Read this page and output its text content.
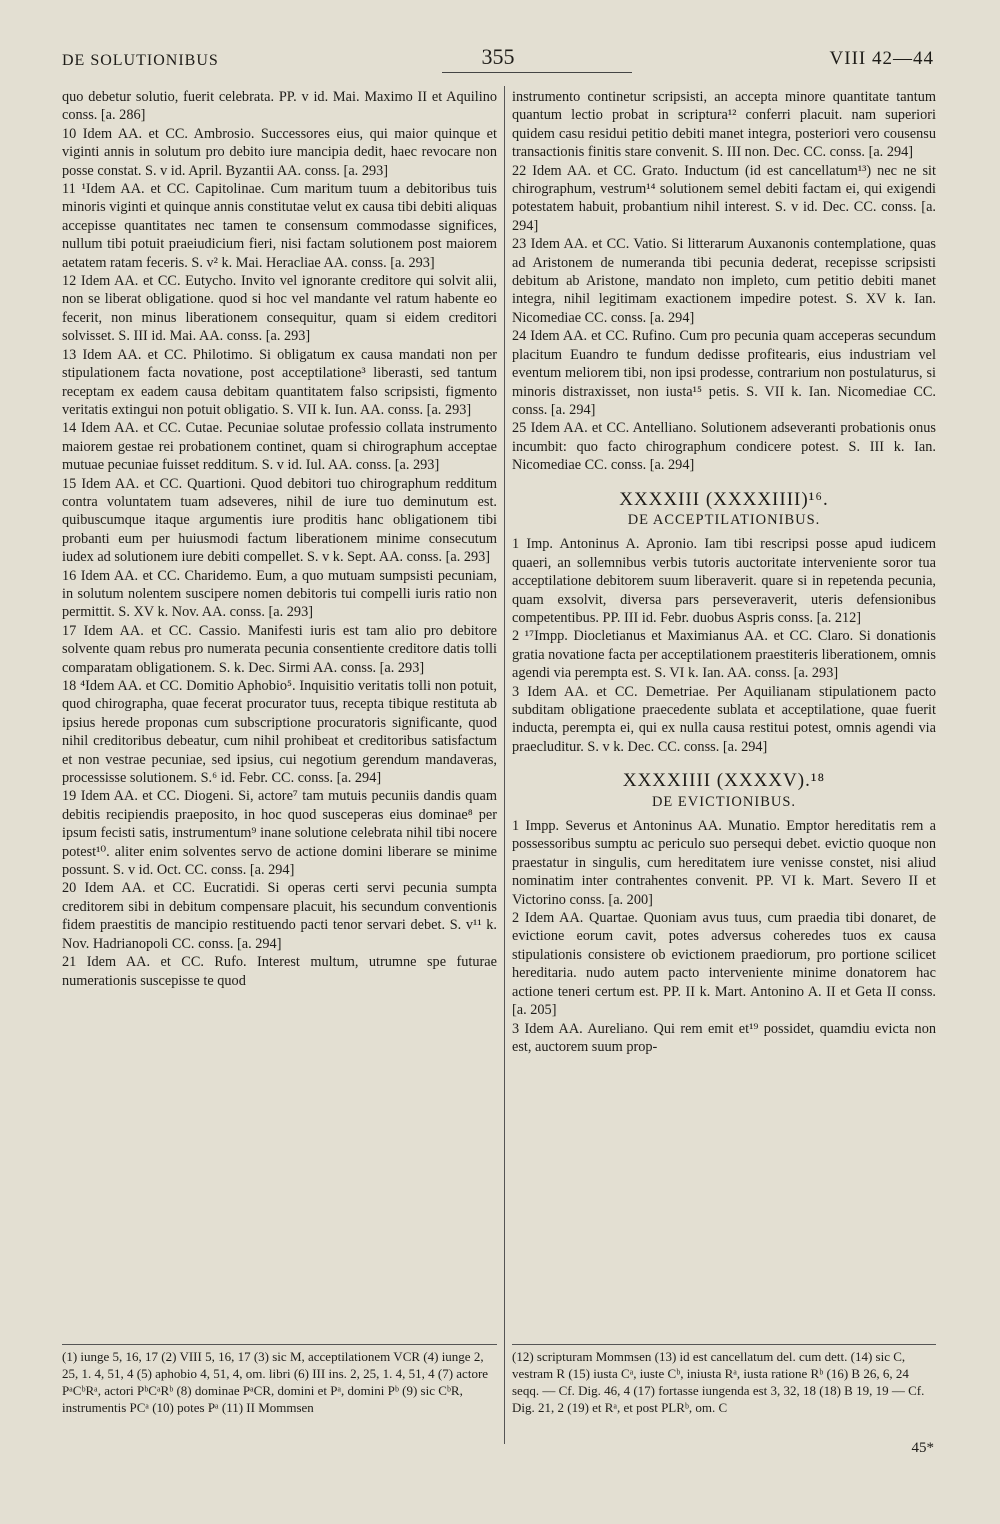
DE SOLUTIONIBUS	355	VIII 42—44

quo debetur solutio, fuerit celebrata. PP. v id. Mai. Maximo II et Aquilino conss. [a. 286]

10 Idem AA. et CC. Ambrosio. Successores eius, qui maior quinque et viginti annis in solutum pro debito iure mancipia dedit, haec revocare non posse constat. S. v id. April. Byzantii AA. conss. [a. 293]

11 ¹Idem AA. et CC. Capitolinae. Cum maritum tuum a debitoribus tuis minoris viginti et quinque annis constitutae velut ex causa tibi debiti aliquas accepisse quantitates nec tamen te consensum commodasse significes, nullum tibi potuit praeiudicium fieri, nisi factam solutionem post maiorem aetatem ratam feceris. S. v² k. Mai. Heracliae AA. conss. [a. 293]

12 Idem AA. et CC. Eutycho. Invito vel ignorante creditore qui solvit alii, non se liberat obligatione. quod si hoc vel mandante vel ratum habente eo fecerit, non minus liberationem consequitur, quam si eidem creditori solvisset. S. III id. Mai. AA. conss. [a. 293]

13 Idem AA. et CC. Philotimo. Si obligatum ex causa mandati non per stipulationem facta novatione, post acceptilatione³ liberasti, sed tantum receptam ex eadem causa debitam quantitatem falso scripsisti, figmento veritatis extingui non potuit obligatio. S. VII k. Iun. AA. conss. [a. 293]

14 Idem AA. et CC. Cutae. Pecuniae solutae professio collata instrumento maiorem gestae rei probationem continet, quam si chirographum acceptae mutuae pecuniae fuisset redditum. S. v id. Iul. AA. conss. [a. 293]

15 Idem AA. et CC. Quartioni. Quod debitori tuo chirographum redditum contra voluntatem tuam adseveres, nihil de iure tuo deminutum est. quibuscumque itaque argumentis iure proditis hanc obligationem tibi probanti eum per huiusmodi factum liberationem minime consecutum iudex ad solutionem iure debiti compellet. S. v k. Sept. AA. conss. [a. 293]

16 Idem AA. et CC. Charidemo. Eum, a quo mutuam sumpsisti pecuniam, in solutum nolentem suscipere nomen debitoris tui compelli iuris ratio non permittit. S. XV k. Nov. AA. conss. [a. 293]

17 Idem AA. et CC. Cassio. Manifesti iuris est tam alio pro debitore solvente quam rebus pro numerata pecunia consentiente creditore datis tolli comparatam obligationem. S. k. Dec. Sirmi AA. conss. [a. 293]

18 ⁴Idem AA. et CC. Domitio Aphobio⁵. Inquisitio veritatis tolli non potuit, quod chirographa, quae fecerat procurator tuus, recepta tibique restituta ab ipsius herede proponas cum subscriptione procuratoris significante, quod nihil creditoribus debeatur, cum nihil prohibeat et creditoribus satisfactum et non vestrae pecuniae, sed ipsius, cui negotium gerendum mandaveras, processisse solutionem. S.⁶ id. Febr. CC. conss. [a. 294]

19 Idem AA. et CC. Diogeni. Si, actore⁷ tam mutuis pecuniis dandis quam debitis recipiendis praeposito, in hoc quod susceperas eius dominae⁸ per ipsum fecisti satis, instrumentum⁹ inane solutione celebrata nihil tibi nocere potest¹⁰. aliter enim solventes servo de actione domini liberare se minime possunt. S. v id. Oct. CC. conss. [a. 294]

20 Idem AA. et CC. Eucratidi. Si operas certi servi pecunia sumpta creditorem sibi in debitum compensare placuit, his secundum conventionis fidem praestitis de mancipio restituendo pacti tenor servari debet. S. v¹¹ k. Nov. Hadrianopoli CC. conss. [a. 294]

21 Idem AA. et CC. Rufo. Interest multum, utrumne spe futurae numerationis suscepisse te quod

instrumento continetur scripsisti, an accepta minore quantitate tantum quantum lectio probat in scriptura¹² conferri placuit. nam superiori quidem casu residui petitio debiti manet integra, posteriori vero cousensu transactionis finitis stare convenit. S. III non. Dec. CC. conss. [a. 294]

22 Idem AA. et CC. Grato. Inductum (id est cancellatum¹³) nec ne sit chirographum, vestrum¹⁴ solutionem semel debiti factam ei, qui exigendi potestatem habuit, probantium nihil interest. S. v id. Dec. CC. conss. [a. 294]

23 Idem AA. et CC. Vatio. Si litterarum Auxanonis contemplatione, quas ad Aristonem de numeranda tibi pecunia dederat, recepisse scripsisti debitum ab Aristone, mandato non impleto, cum petitio debiti manet integra, nihil legitimam exactionem impedire potest. S. XV k. Ian. Nicomediae CC. conss. [a. 294]

24 Idem AA. et CC. Rufino. Cum pro pecunia quam acceperas secundum placitum Euandro te fundum dedisse profitearis, eius industriam vel eventum meliorem tibi, non ipsi prodesse, contrarium non postulaturus, si minoris distraxisset, non iusta¹⁵ petis. S. VII k. Ian. Nicomediae CC. conss. [a. 294]

25 Idem AA. et CC. Antelliano. Solutionem adseveranti probationis onus incumbit: quo facto chirographum condicere potest. S. III k. Ian. Nicomediae CC. conss. [a. 294]

XXXXIII (XXXXIIII)¹⁶.
DE ACCEPTILATIONIBUS.

1 Imp. Antoninus A. Apronio. Iam tibi rescripsi posse apud iudicem quaeri, an sollemnibus verbis tutoris auctoritate interveniente soror tua acceptilatione debitorem suum liberaverit. quare si in repetenda pecunia, quam exsolvit, diversa pars perseveraverit, uteris defensionibus competentibus. PP. III id. Febr. duobus Aspris conss. [a. 212]

2 ¹⁷Impp. Diocletianus et Maximianus AA. et CC. Claro. Si donationis gratia novatione facta per acceptilationem praestiteris liberationem, omnis agendi via perempta est. S. VI k. Ian. AA. conss. [a. 293]

3 Idem AA. et CC. Demetriae. Per Aquilianam stipulationem pacto subditam obligatione praecedente sublata et acceptilatione, quae fuerit inducta, perempta ei, qui ex nulla causa restitui potest, omnis agendi via praecluditur. S. v k. Dec. CC. conss. [a. 294]

XXXXIIII (XXXXV).¹⁸
DE EVICTIONIBUS.

1 Impp. Severus et Antoninus AA. Munatio. Emptor hereditatis rem a possessoribus sumptu ac periculo suo persequi debet. evictio quoque non praestatur in singulis, cum hereditatem iure venisse constet, nisi aliud nominatim inter contrahentes convenit. PP. VI k. Mart. Severo II et Victorino conss. [a. 200]

2 Idem AA. Quartae. Quoniam avus tuus, cum praedia tibi donaret, de evictione eorum cavit, potes adversus coheredes tuos ex causa stipulationis consistere ob evictionem praediorum, pro portione scilicet hereditaria. nudo autem pacto interveniente minime donatorem hac actione teneri certum est. PP. II k. Mart. Antonino A. II et Geta II conss. [a. 205]

3 Idem AA. Aureliano. Qui rem emit et¹⁹ possidet, quamdiu evicta non est, auctorem suum prop-

(1) iunge 5, 16, 17 (2) VIII 5, 16, 17 (3) sic M, acceptilationem VCR (4) iunge 2, 25, 1. 4, 51, 4 (5) aphobio 4, 51, 4, om. libri (6) III ins. 2, 25, 1. 4, 51, 4 (7) actore PᵃCᵇRᵃ, actori PᵇCᵃRᵇ (8) dominae PᵃCR, domini et Pᵃ, domini Pᵇ (9) sic CᵇR, instrumentis PCᵃ (10) potes Pᵃ (11) II Mommsen
(12) scripturam Mommsen (13) id est cancellatum del. cum dett. (14) sic C, vestram R (15) iusta Cᵃ, iuste Cᵇ, iniusta Rᵃ, iusta ratione Rᵇ (16) B 26, 6, 24 seqq. — Cf. Dig. 46, 4 (17) fortasse iungenda est 3, 32, 18 (18) B 19, 19 — Cf. Dig. 21, 2 (19) et Rᵃ, et post PLRᵇ, om. C
45*
